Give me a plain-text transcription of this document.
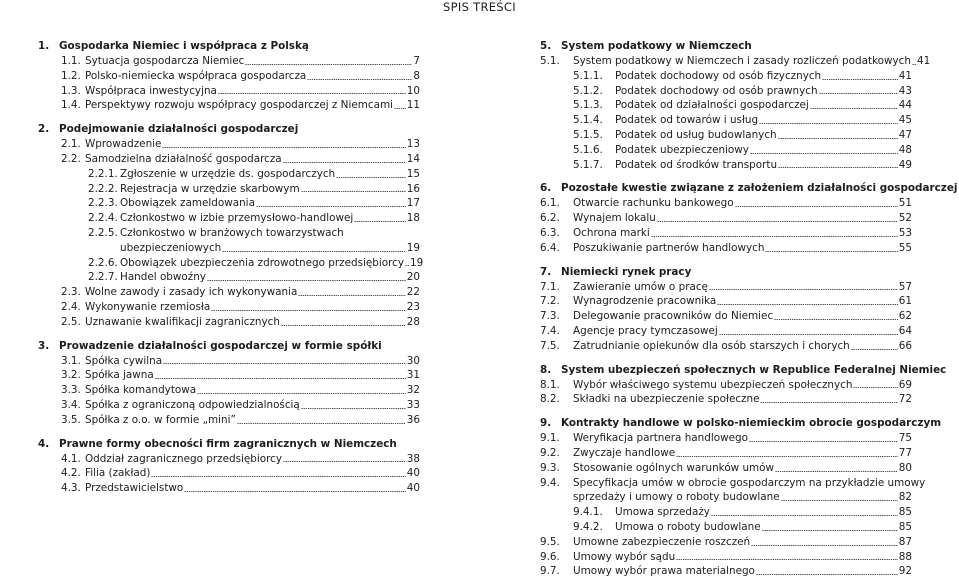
SPIS TREŚCI
1. Gospodarka Niemiec i współpraca z Polską
1.1. Sytuacja gospodarcza Niemiec	7
1.2. Polsko-niemiecka współpraca gospodarcza	8
1.3. Współpraca inwestycyjna	10
1.4. Perspektywy rozwoju współpracy gospodarczej z Niemcami 11
2. Podejmowanie działalności gospodarczej
2.1. Wprowadzenie	13
2.2. Samodzielna działalność gospodarcza	14
2.2.1. Zgłoszenie w urzędzie ds. gospodarczych	15
2.2.2. Rejestracja w urzędzie skarbowym	16
2.2.3. Obowiązek zameldowania	17
2.2.4. Członkostwo w izbie przemysłowo-handlowej	18
2.2.5. Członkostwo w branżowych towarzystwach
ubezpieczeniowych	19
2.2.6. Obowiązek ubezpieczenia zdrowotnego przedsiębiorcy 19
2.2.7. Handel obwoźny	20
2.3. Wolne zawody i zasady ich wykonywania	22
2.4. Wykonywanie rzemiosła	23
2.5. Uznawanie kwalifikacji zagranicznych	28
3. Prowadzenie działalności gospodarczej w formie spółki
3.1. Spółka cywilna	30
3.2. Spółka jawna	31
3.3. Spółka komandytowa	32
3.4. Spółka z ograniczoną odpowiedzialnością	33
3.5. Spółka z o.o. w formie „mini”	36
4. Prawne formy obecności firm zagranicznych w Niemczech
4.1. Oddział zagranicznego przedsiębiorcy	38
4.2. Filia (zakład)	40
4.3. Przedstawicielstwo	40
5. System podatkowy w Niemczech
5.1.	System podatkowy w Niemczech i zasady rozliczeń podatkowych 41
5.1.1.	Podatek dochodowy od osób fizycznych	41
5.1.2.	Podatek dochodowy od osób prawnych	43
5.1.3.	Podatek od działalności gospodarczej	44
5.1.4.	Podatek od towarów i usług	45
5.1.5.	Podatek od usług budowlanych	47
5.1.6.	Podatek ubezpieczeniowy	48
5.1.7.	Podatek od środków transportu	49
6. Pozostałe kwestie związane z założeniem działalności gospodarczej
6.1.	Otwarcie rachunku bankowego	51
6.2.	Wynajem lokalu	52
6.3.	Ochrona marki	53
6.4.	Poszukiwanie partnerów handlowych	55
7. Niemiecki rynek pracy
7.1.	Zawieranie umów o pracę	57
7.2.	Wynagrodzenie pracownika	61
7.3.	Delegowanie pracowników do Niemiec	62
7.4.	Agencje pracy tymczasowej	64
7.5.	Zatrudnianie opiekunów dla osób starszych i chorych	66
8. System ubezpieczeń społecznych w Republice Federalnej Niemiec
8.1.	Wybór właściwego systemu ubezpieczeń społecznych	69
8.2.	Składki na ubezpieczenie społeczne	72
9. Kontrakty handlowe w polsko-niemieckim obrocie gospodarczym
9.1.	Weryfikacja partnera handlowego	75
9.2.	Zwyczaje handlowe	77
9.3.	Stosowanie ogólnych warunków umów	80
9.4.	Specyfikacja umów w obrocie gospodarczym na przykładzie umowy
sprzedaży i umowy o roboty budowlane	82
9.4.1.	Umowa sprzedaży	85
9.4.2.	Umowa o roboty budowlane	85
9.5.	Umowne zabezpieczenie roszczeń	87
9.6.	Umowy wybór sądu	88
9.7.	Umowy wybór prawa materialnego	92
